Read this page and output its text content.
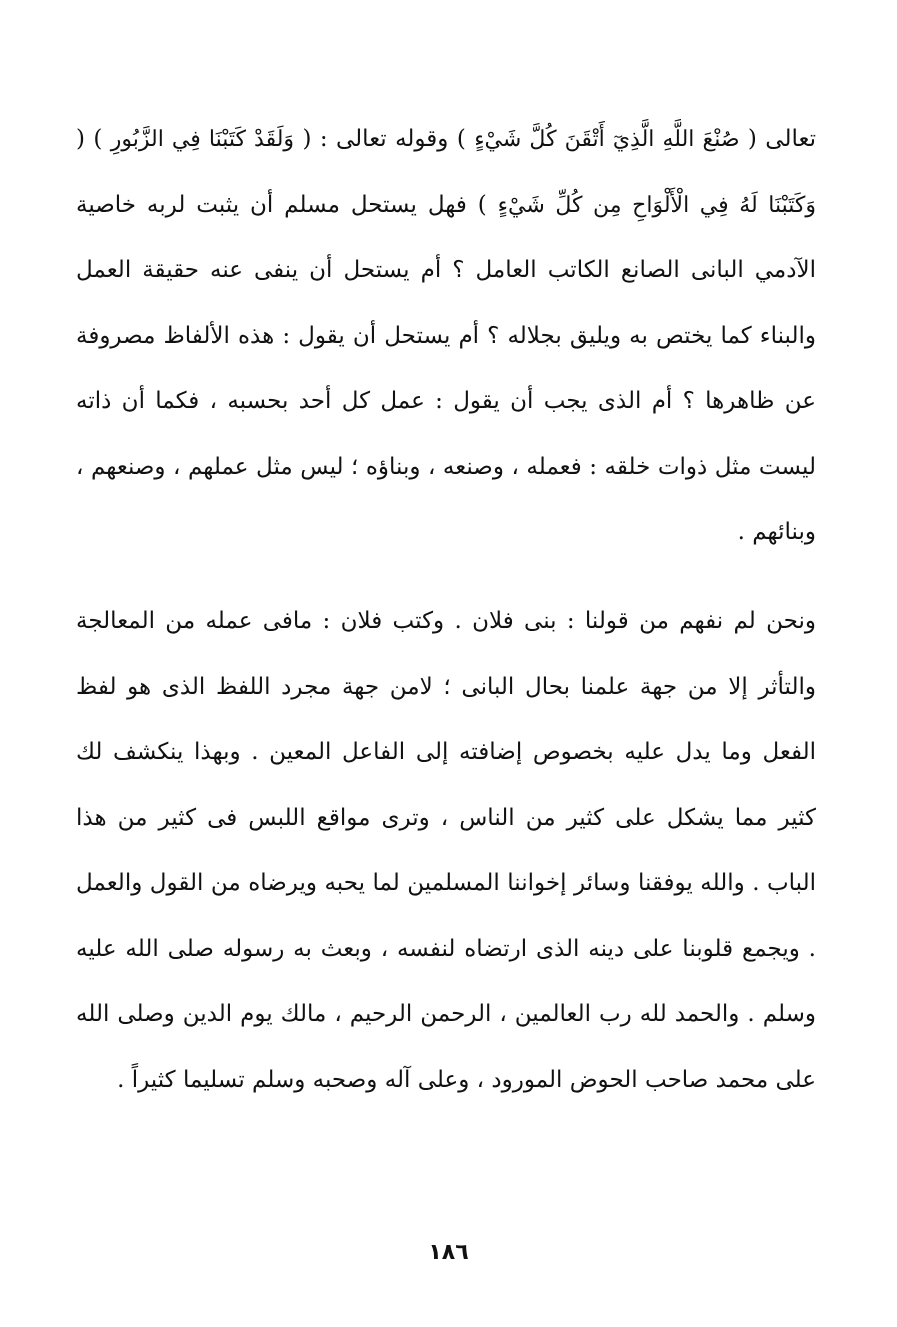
تعالى ( صُنْعَ اللَّهِ الَّذِيٓ أَتْقَنَ كُلَّ شَيْءٍ ) وقوله تعالى : ( وَلَقَدْ كَتَبْنَا فِي الزَّبُورِ ) ( وَكَتَبْنَا لَهُ فِي الْأَلْوَاحِ مِن كُلِّ شَيْءٍ ) فهل يستحل مسلم أن يثبت لربه خاصية الآدمي البانى الصانع الكاتب العامل ؟ أم يستحل أن ينفى عنه حقيقة العمل والبناء كما يختص به ويليق بجلاله ؟ أم يستحل أن يقول : هذه الألفاظ مصروفة عن ظاهرها ؟ أم الذى يجب أن يقول : عمل كل أحد بحسبه ، فكما أن ذاته ليست مثل ذوات خلقه : فعمله ، وصنعه ، وبناؤه ؛ ليس مثل عملهم ، وصنعهم ، وبنائهم .

ونحن لم نفهم من قولنا : بنى فلان . وكتب فلان : مافى عمله من المعالجة والتأثر إلا من جهة علمنا بحال البانى ؛ لامن جهة مجرد اللفظ الذى هو لفظ الفعل وما يدل عليه بخصوص إضافته إلى الفاعل المعين . وبهذا ينكشف لك كثير مما يشكل على كثير من الناس ، وترى مواقع اللبس فى كثير من هذا الباب . والله يوفقنا وسائر إخواننا المسلمين لما يحبه ويرضاه من القول والعمل . ويجمع قلوبنا على دينه الذى ارتضاه لنفسه ، وبعث به رسوله صلى الله عليه وسلم . والحمد لله رب العالمين ، الرحمن الرحيم ، مالك يوم الدين وصلى الله على محمد صاحب الحوض المورود ، وعلى آله وصحبه وسلم تسليما كثيراً .

١٨٦
